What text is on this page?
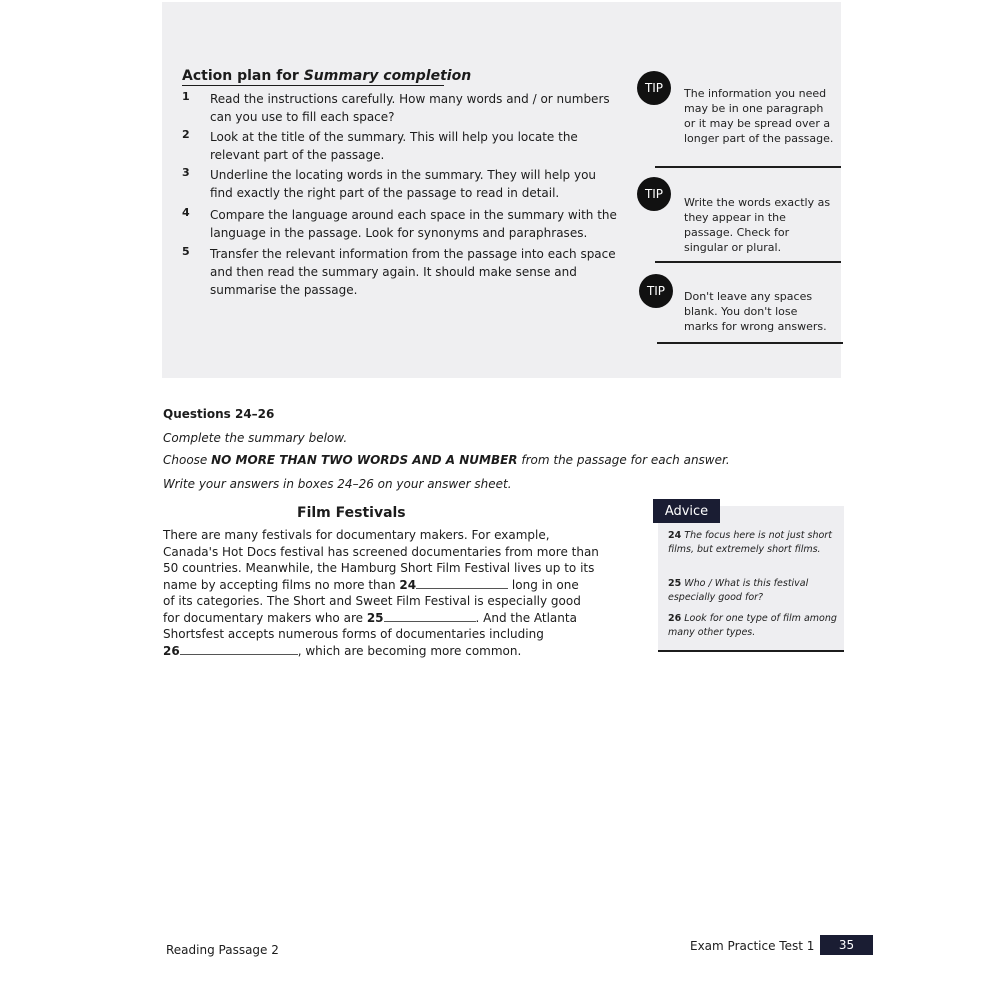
Action plan for Summary completion
1	Read the instructions carefully. How many words and / or numbers can you use to fill each space?
2	Look at the title of the summary. This will help you locate the relevant part of the passage.
3	Underline the locating words in the summary. They will help you find exactly the right part of the passage to read in detail.
4	Compare the language around each space in the summary with the language in the passage. Look for synonyms and paraphrases.
5	Transfer the relevant information from the passage into each space and then read the summary again. It should make sense and summarise the passage.
TIP	The information you need may be in one paragraph or it may be spread over a longer part of the passage.
TIP
Write the words exactly as they appear in the passage. Check for singular or plural.
TIP	Don't leave any spaces blank. You don't lose marks for wrong answers.
Questions 24–26
Complete the summary below.
Choose NO MORE THAN TWO WORDS AND A NUMBER from the passage for each answer.
Write your answers in boxes 24–26 on your answer sheet.
Film Festivals
There are many festivals for documentary makers. For example,
Canada's Hot Docs festival has screened documentaries from more than
50 countries. Meanwhile, the Hamburg Short Film Festival lives up to its
name by accepting films no more than 24	long in one
of its categories. The Short and Sweet Film Festival is especially good
for documentary makers who are 25	. And the Atlanta
Shortsfest accepts numerous forms of documentaries including
26	, which are becoming more common.
Advice
24 The focus here is not just short films, but extremely short films.
25 Who / What is this festival especially good for?
26 Look for one type of film among many other types.
Reading Passage 2	Exam Practice Test 1	35
